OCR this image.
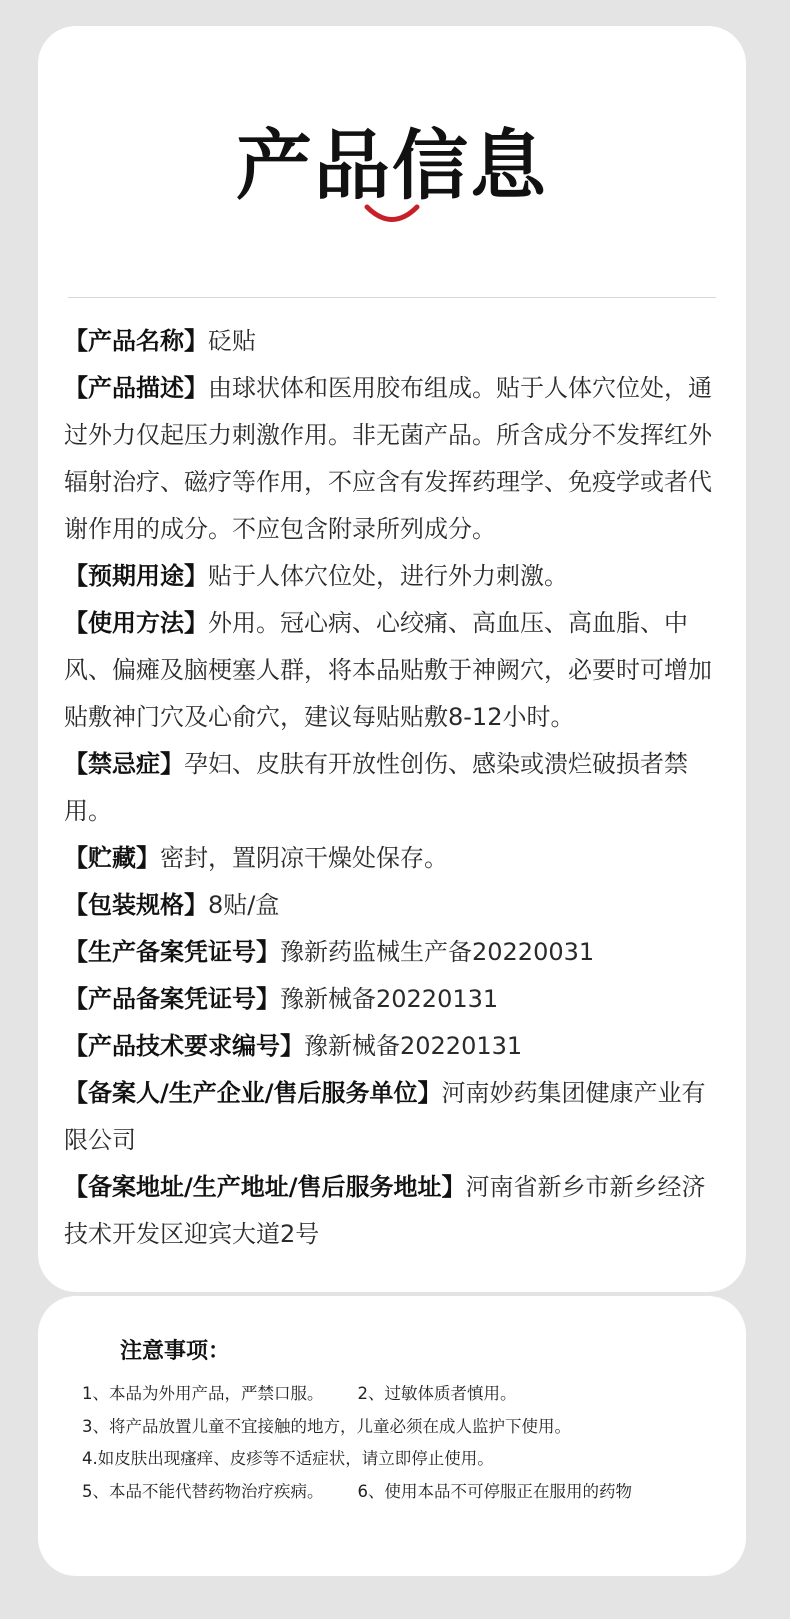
产品信息

【产品名称】砭贴

【产品描述】由球状体和医用胶布组成。贴于人体穴位处，通过外力仅起压力刺激作用。非无菌产品。所含成分不发挥红外辐射治疗、磁疗等作用，不应含有发挥药理学、免疫学或者代谢作用的成分。不应包含附录所列成分。

【预期用途】贴于人体穴位处，进行外力刺激。

【使用方法】外用。冠心病、心绞痛、高血压、高血脂、中风、偏瘫及脑梗塞人群，将本品贴敷于神阙穴，必要时可增加贴敷神门穴及心俞穴，建议每贴贴敷8-12小时。

【禁忌症】孕妇、皮肤有开放性创伤、感染或溃烂破损者禁用。

【贮藏】密封，置阴凉干燥处保存。

【包装规格】8贴/盒

【生产备案凭证号】豫新药监械生产备20220031

【产品备案凭证号】豫新械备20220131

【产品技术要求编号】豫新械备20220131

【备案人/生产企业/售后服务单位】河南妙药集团健康产业有限公司

【备案地址/生产地址/售后服务地址】河南省新乡市新乡经济技术开发区迎宾大道2号

注意事项：
1、本品为外用产品，严禁口服。 2、过敏体质者慎用。
3、将产品放置儿童不宜接触的地方，儿童必须在成人监护下使用。
4.如皮肤出现瘙痒、皮疹等不适症状，请立即停止使用。
5、本品不能代替药物治疗疾病。 6、使用本品不可停服正在服用的药物
